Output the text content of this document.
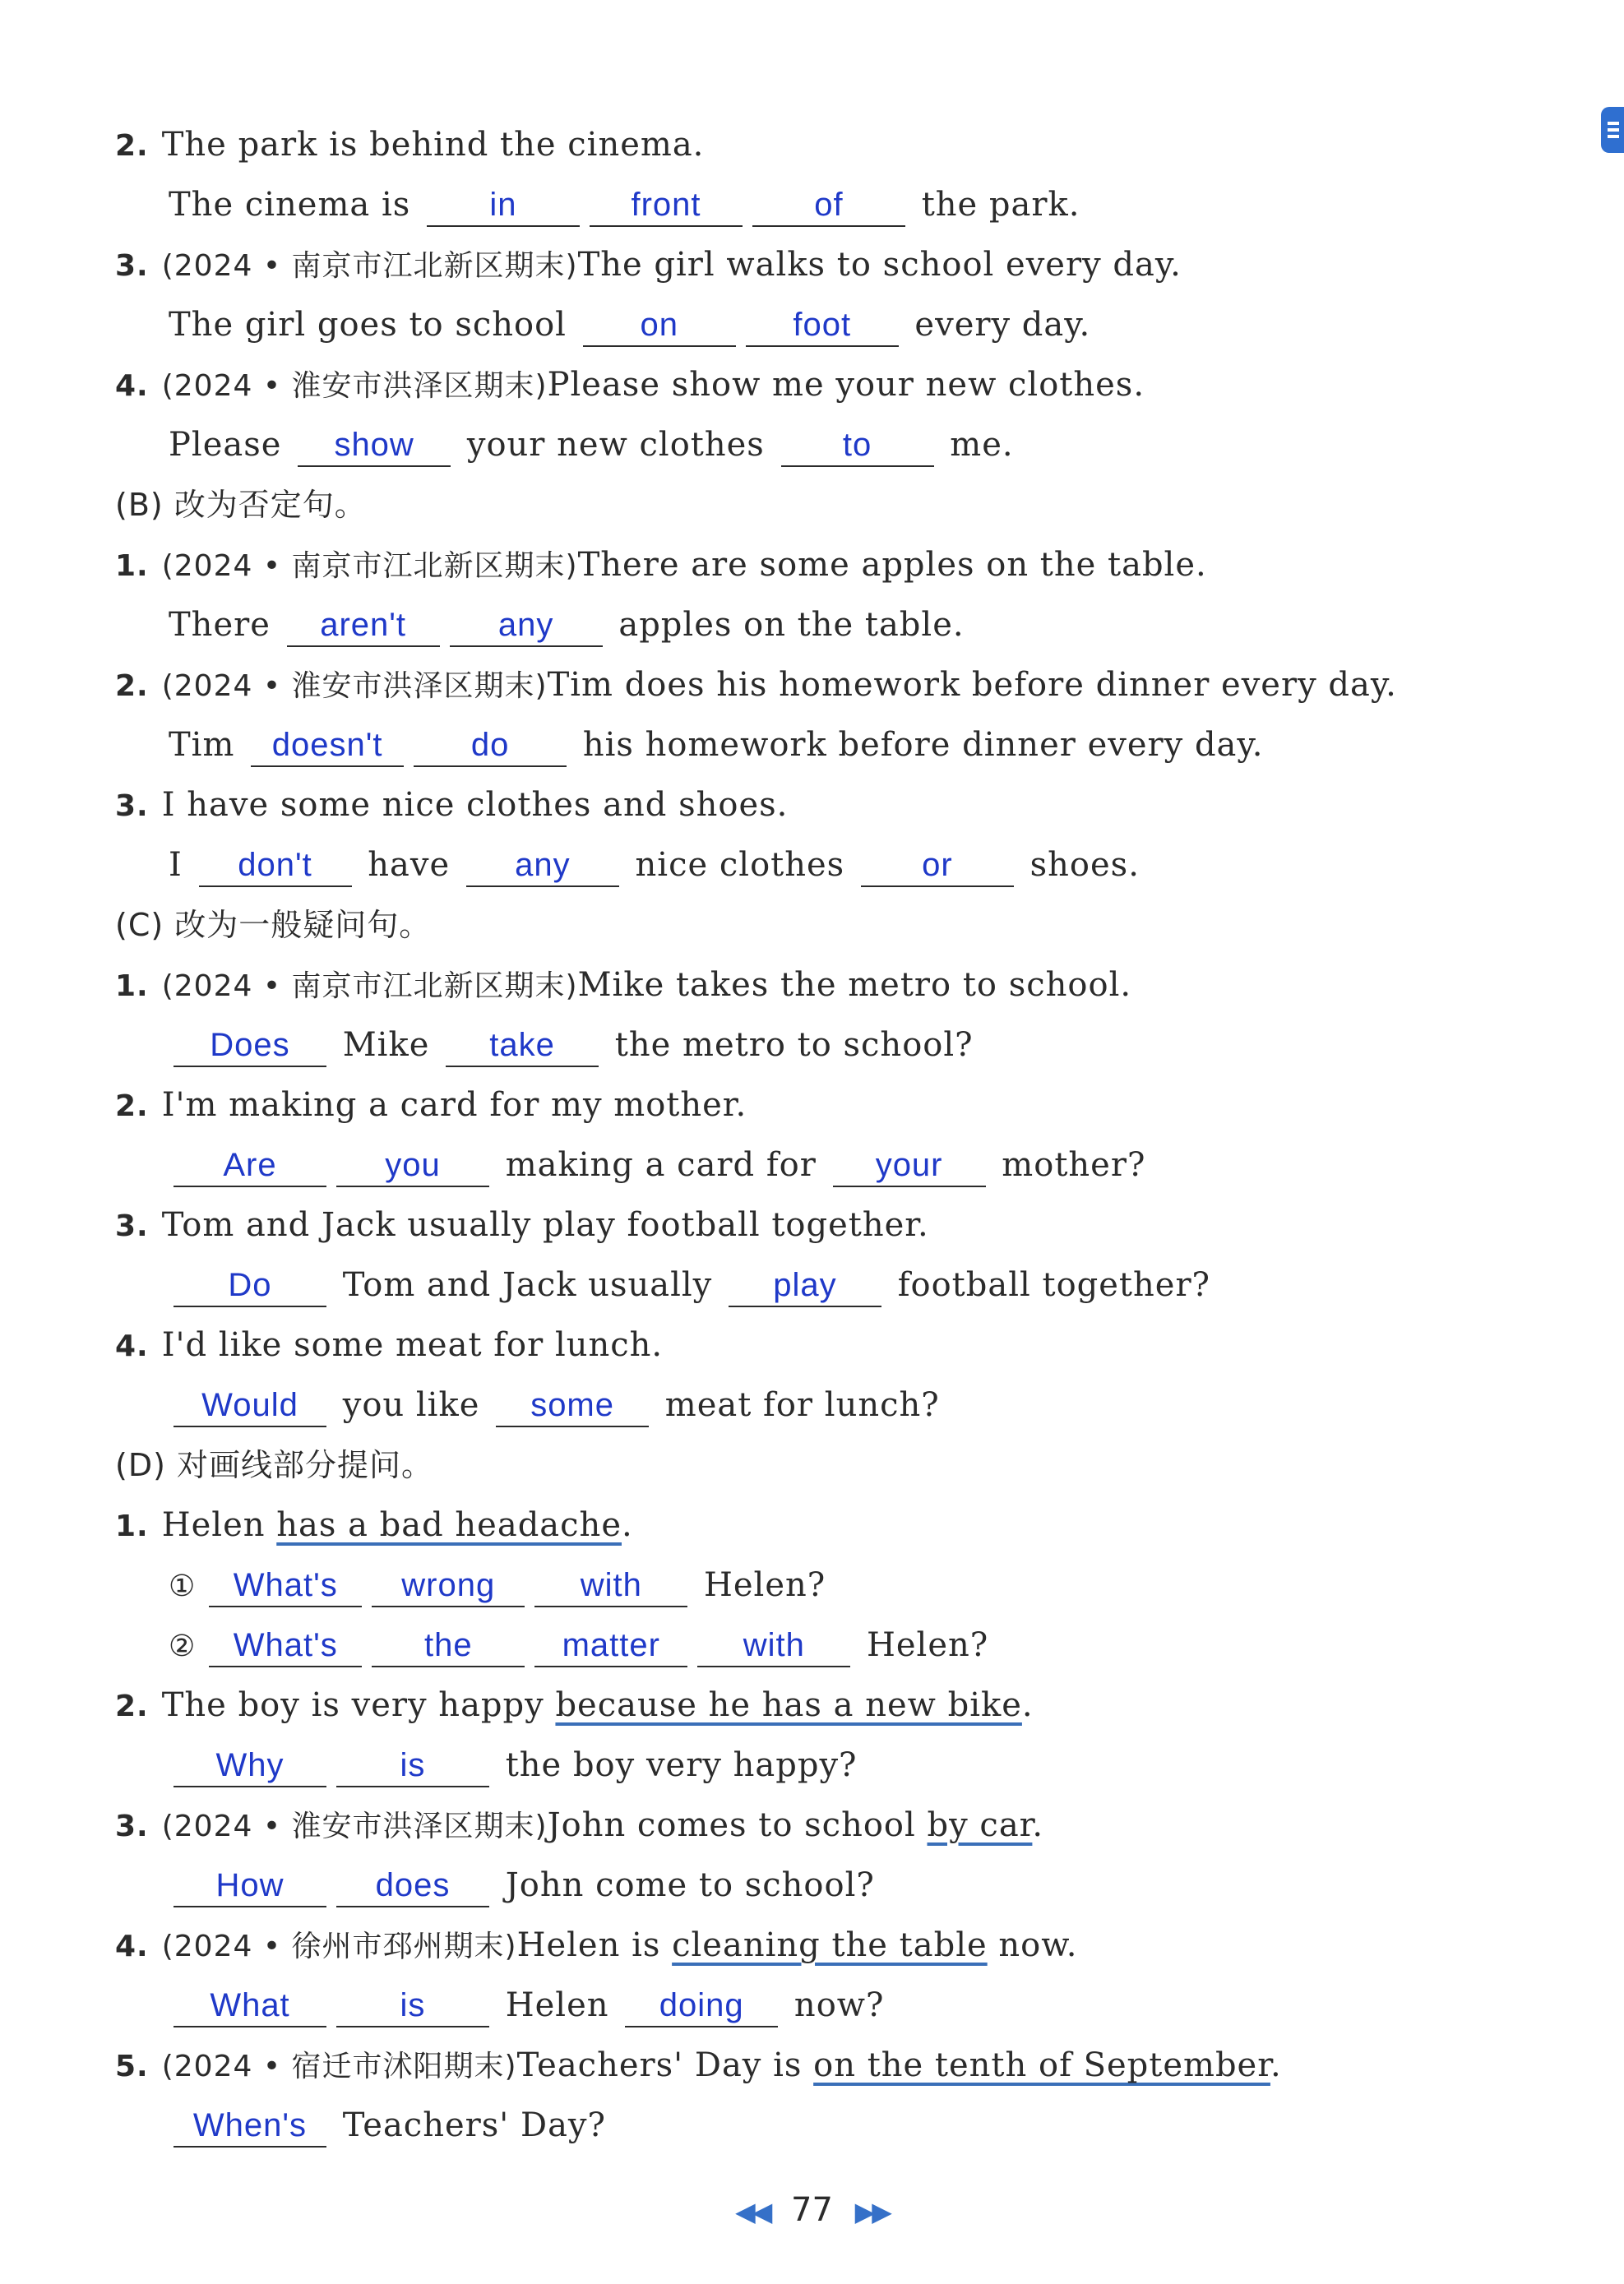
2. The park is behind the cinema.
The cinema is in	front	of the park.
3. (2024 • 南京市江北新区期末)The girl walks to school every day.
The girl goes to school on	foot every day.
4. (2024 • 淮安市洪泽区期末)Please show me your new clothes.
Please show your new clothes to me.
(B) 改为否定句。
1. (2024 • 南京市江北新区期末)There are some apples on the table.
There aren't	any apples on the table.
2. (2024 • 淮安市洪泽区期末)Tim does his homework before dinner every day.
Tim doesn't	do his homework before dinner every day.
3. I have some nice clothes and shoes.
I don't have any nice clothes or shoes.
(C) 改为一般疑问句。
1. (2024 • 南京市江北新区期末)Mike takes the metro to school.
Does Mike take the metro to school?
2. I'm making a card for my mother.
Are	you making a card for your mother?
3. Tom and Jack usually play football together.
Do Tom and Jack usually play football together?
4. I'd like some meat for lunch.
Would you like some meat for lunch?
(D) 对画线部分提问。
1. Helen has a bad headache.
① What's wrong	with Helen?
② What's	the	matter	with Helen?
2. The boy is very happy because he has a new bike.
Why	is the boy very happy?
3. (2024 • 淮安市洪泽区期末)John comes to school by car.
How	does John come to school?
4. (2024 • 徐州市邳州期末)Helen is cleaning the table now.
What	is Helen doing now?
5. (2024 • 宿迁市沭阳期末)Teachers' Day is on the tenth of September.
When's Teachers' Day?
◀◀ 77 ▶▶
